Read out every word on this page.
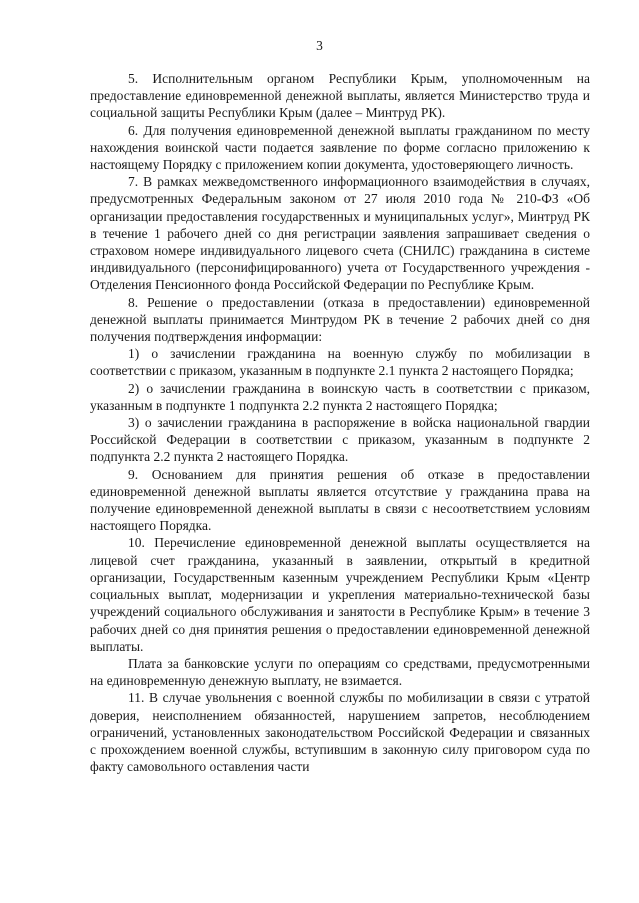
3

5. Исполнительным органом Республики Крым, уполномоченным на предоставление единовременной денежной выплаты, является Министерство труда и социальной защиты Республики Крым (далее – Минтруд РК).

6. Для получения единовременной денежной выплаты гражданином по месту нахождения воинской части подается заявление по форме согласно приложению к настоящему Порядку с приложением копии документа, удостоверяющего личность.

7. В рамках межведомственного информационного взаимодействия в случаях, предусмотренных Федеральным законом от 27 июля 2010 года № 210-ФЗ «Об организации предоставления государственных и муниципальных услуг», Минтруд РК в течение 1 рабочего дней со дня регистрации заявления запрашивает сведения о страховом номере индивидуального лицевого счета (СНИЛС) гражданина в системе индивидуального (персонифицированного) учета от Государственного учреждения - Отделения Пенсионного фонда Российской Федерации по Республике Крым.

8. Решение о предоставлении (отказа в предоставлении) единовременной денежной выплаты принимается Минтрудом РК в течение 2 рабочих дней со дня получения подтверждения информации:

1) о зачислении гражданина на военную службу по мобилизации в соответствии с приказом, указанным в подпункте 2.1 пункта 2 настоящего Порядка;

2) о зачислении гражданина в воинскую часть в соответствии с приказом, указанным в подпункте 1 подпункта 2.2 пункта 2 настоящего Порядка;

3) о зачислении гражданина в распоряжение в войска национальной гвардии Российской Федерации в соответствии с приказом, указанным в подпункте 2 подпункта 2.2 пункта 2 настоящего Порядка.

9. Основанием для принятия решения об отказе в предоставлении единовременной денежной выплаты является отсутствие у гражданина права на получение единовременной денежной выплаты в связи с несоответствием условиям настоящего Порядка.

10. Перечисление единовременной денежной выплаты осуществляется на лицевой счет гражданина, указанный в заявлении, открытый в кредитной организации, Государственным казенным учреждением Республики Крым «Центр социальных выплат, модернизации и укрепления материально-технической базы учреждений социального обслуживания и занятости в Республике Крым» в течение 3 рабочих дней со дня принятия решения о предоставлении единовременной денежной выплаты.

Плата за банковские услуги по операциям со средствами, предусмотренными на единовременную денежную выплату, не взимается.

11. В случае увольнения с военной службы по мобилизации в связи с утратой доверия, неисполнением обязанностей, нарушением запретов, несоблюдением ограничений, установленных законодательством Российской Федерации и связанных с прохождением военной службы, вступившим в законную силу приговором суда по факту самовольного оставления части
